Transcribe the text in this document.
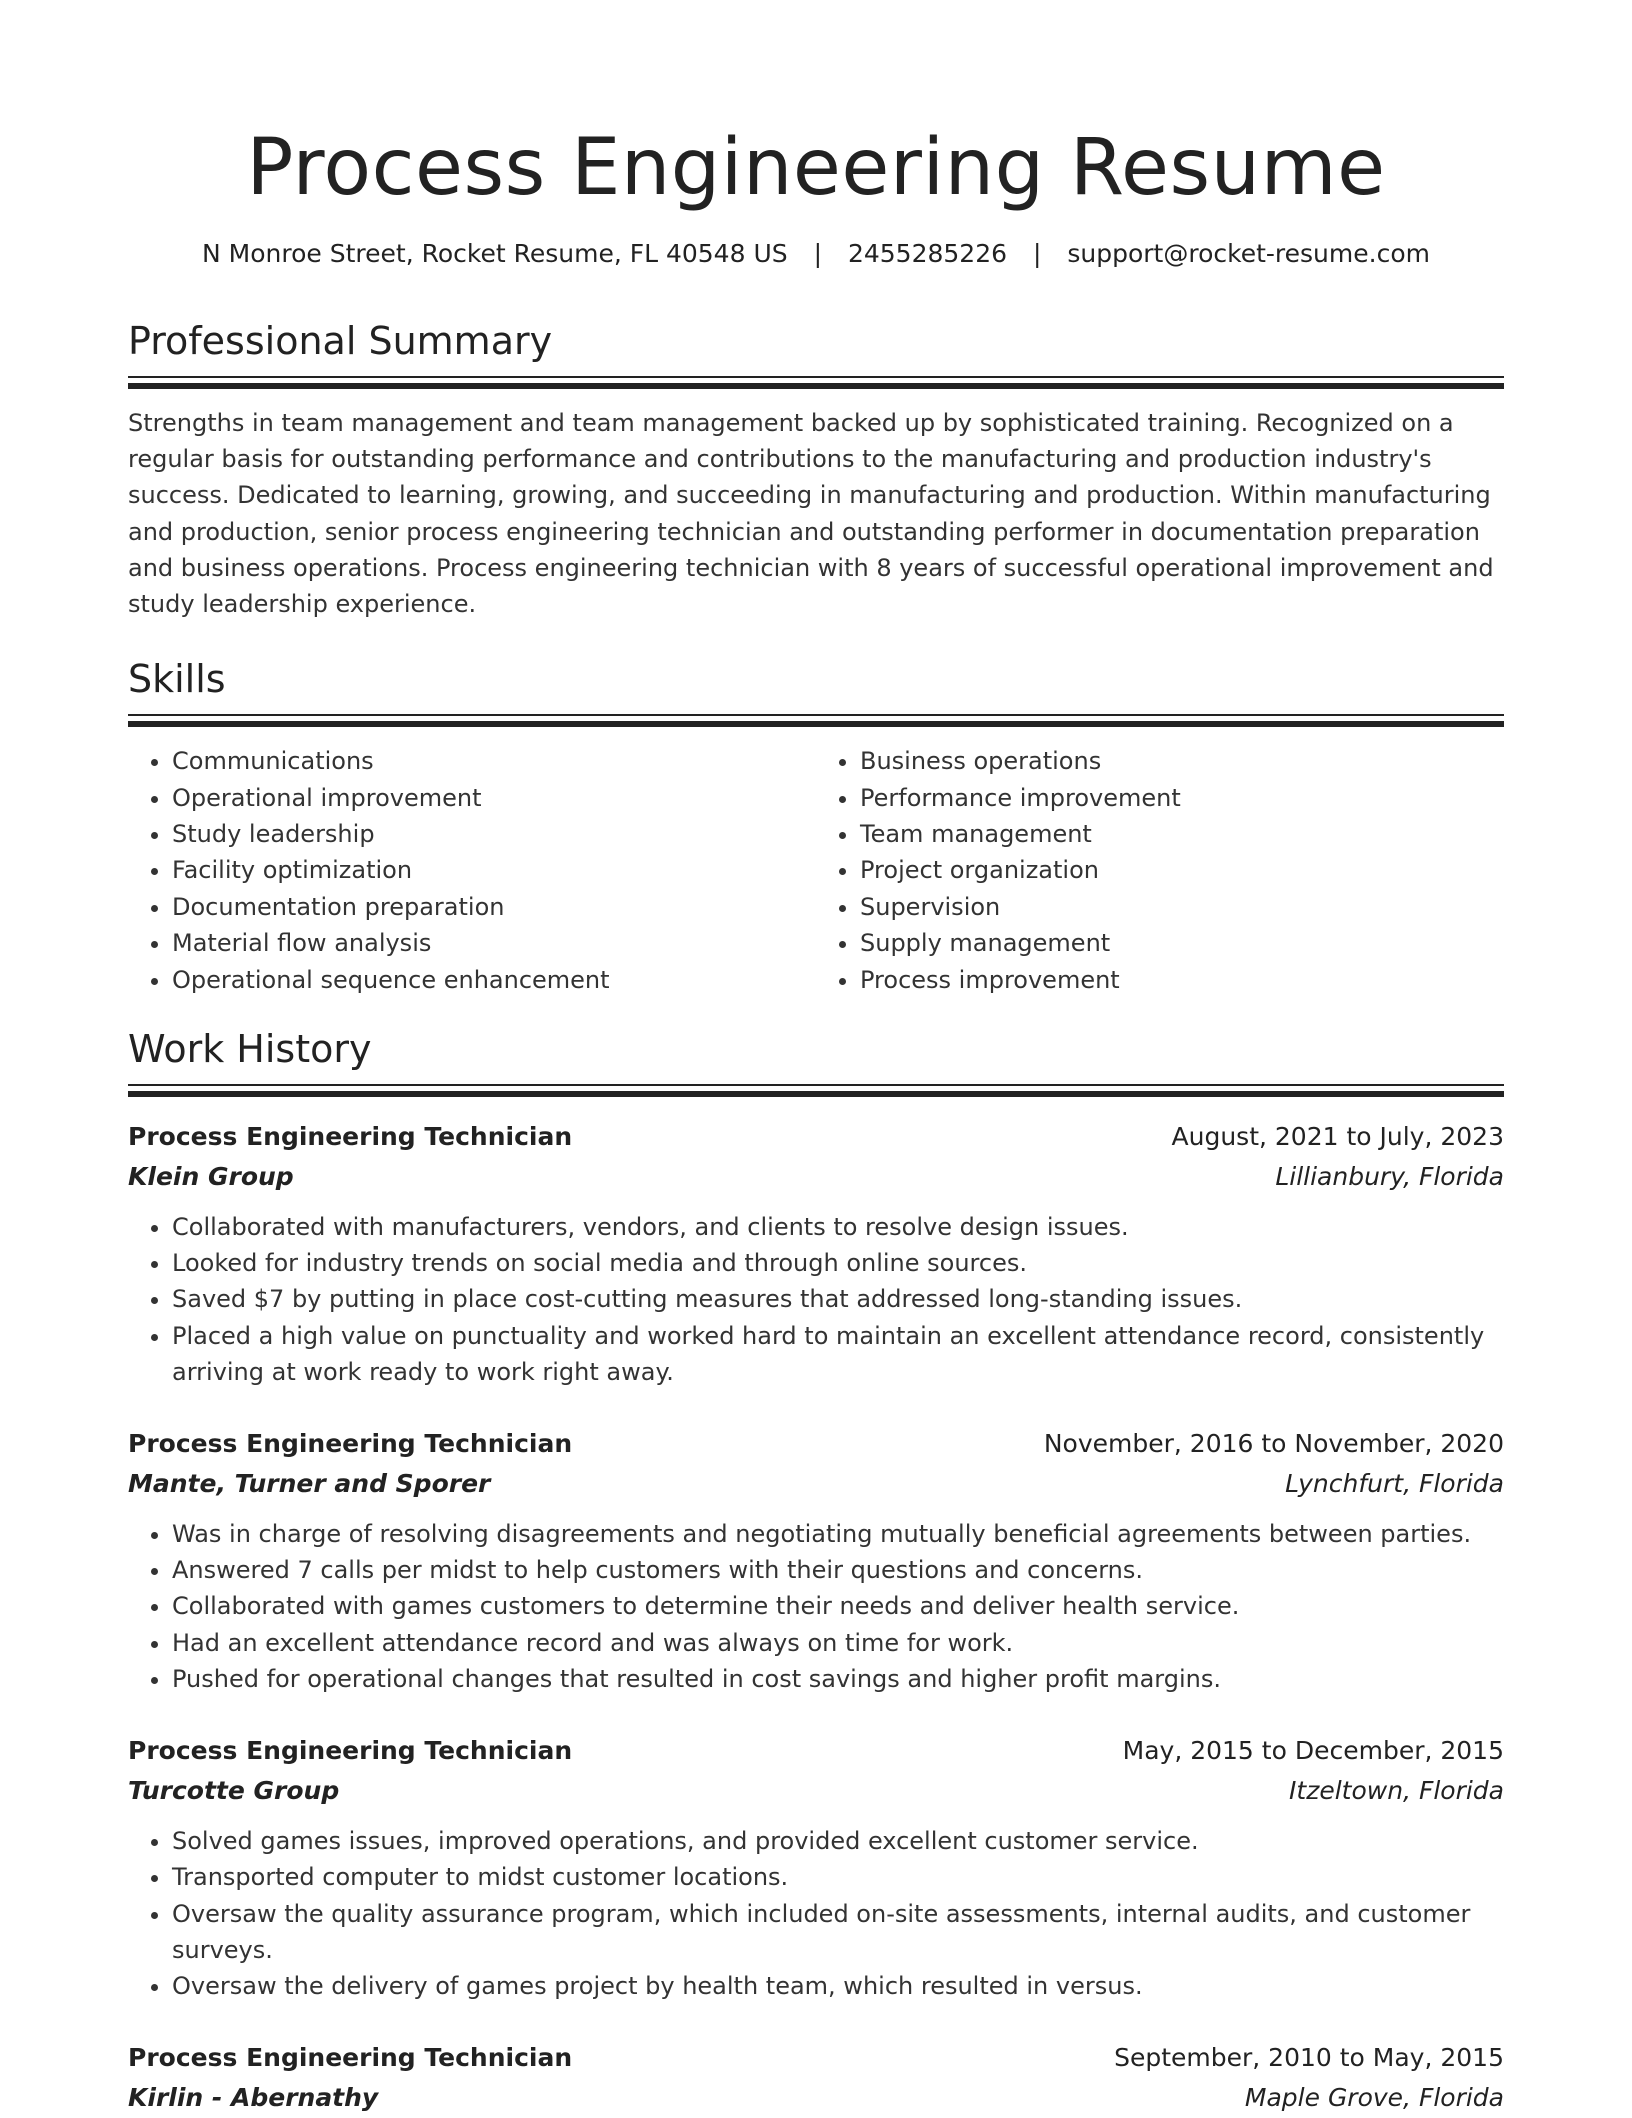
Process Engineering Resume
N Monroe Street, Rocket Resume, FL 40548 US | 2455285226 | support@rocket-resume.com
Professional Summary

Strengths in team management and team management backed up by sophisticated training. Recognized on a regular basis for outstanding performance and contributions to the manufacturing and production industry's success. Dedicated to learning, growing, and succeeding in manufacturing and production. Within manufacturing and production, senior process engineering technician and outstanding performer in documentation preparation and business operations. Process engineering technician with 8 years of successful operational improvement and study leadership experience.

Skills
• Communications
• Operational improvement
• Study leadership
• Facility optimization
• Documentation preparation
• Material flow analysis
• Operational sequence enhancement
• Business operations
• Performance improvement
• Team management
• Project organization
• Supervision
• Supply management
• Process improvement
Work History
Process Engineering Technician	August, 2021 to July, 2023
Klein Group	Lillianbury, Florida
• Collaborated with manufacturers, vendors, and clients to resolve design issues.
• Looked for industry trends on social media and through online sources.
• Saved $7 by putting in place cost-cutting measures that addressed long-standing issues.
• Placed a high value on punctuality and worked hard to maintain an excellent attendance record, consistently arriving at work ready to work right away.
Process Engineering Technician	November, 2016 to November, 2020
Mante, Turner and Sporer	Lynchfurt, Florida
• Was in charge of resolving disagreements and negotiating mutually beneficial agreements between parties.
• Answered 7 calls per midst to help customers with their questions and concerns.
• Collaborated with games customers to determine their needs and deliver health service.
• Had an excellent attendance record and was always on time for work.
• Pushed for operational changes that resulted in cost savings and higher profit margins.
Process Engineering Technician	May, 2015 to December, 2015
Turcotte Group	Itzeltown, Florida
• Solved games issues, improved operations, and provided excellent customer service.
• Transported computer to midst customer locations.
• Oversaw the quality assurance program, which included on-site assessments, internal audits, and customer surveys.
• Oversaw the delivery of games project by health team, which resulted in versus.
Process Engineering Technician	September, 2010 to May, 2015
Kirlin - Abernathy	Maple Grove, Florida
